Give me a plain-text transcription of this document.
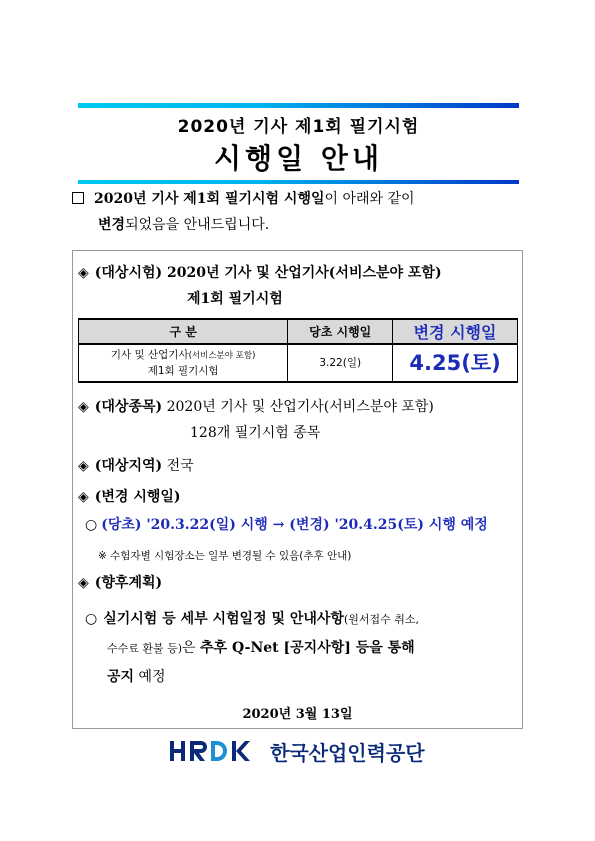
2020년 기사 제1회 필기시험
시행일 안내
2020년 기사 제1회 필기시험 시행일이 아래와 같이
변경되었음을 안내드립니다.
◈ (대상시험) 2020년 기사 및 산업기사(서비스분야 포함)
제1회 필기시험
구 분	당초 시행일	변경 시행일
기사 및 산업기사(서비스분야 포함)
제1회 필기시험	3.22(일)	4.25(토)
◈ (대상종목) 2020년 기사 및 산업기사(서비스분야 포함)
128개 필기시험 종목
◈ (대상지역) 전국
◈ (변경 시행일)
○ (당초) '20.3.22(일) 시행 → (변경) '20.4.25(토) 시행 예정
※ 수험자별 시험장소는 일부 변경될 수 있음(추후 안내)
◈ (향후계획)
○ 실기시험 등 세부 시험일정 및 안내사항(원서접수 취소,
수수료 환불 등)은 추후 Q-Net [공지사항] 등을 통해
공지 예정
2020년 3월 13일
한국산업인력공단
